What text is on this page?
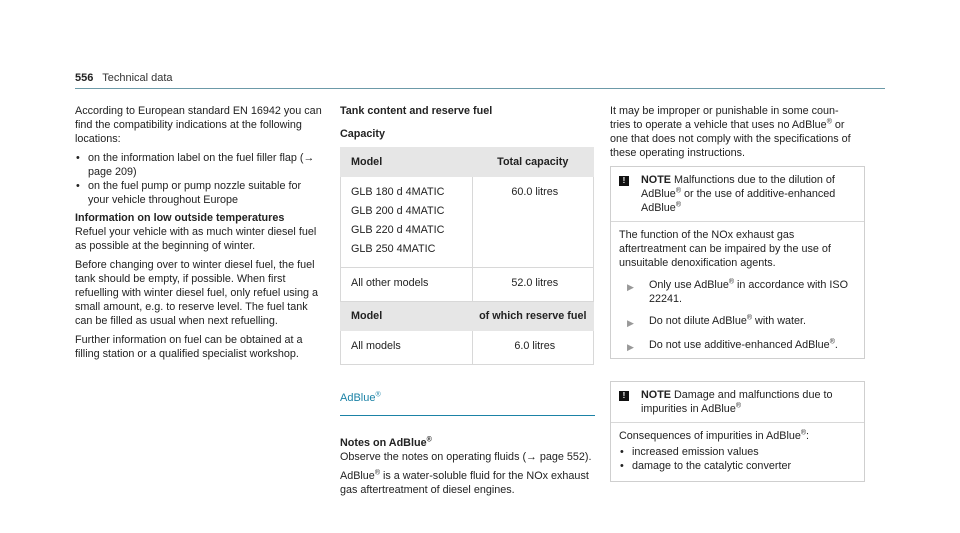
556 Technical data

According to European standard EN 16942 you can find the compatibility indications at the following locations:

• on the information label on the fuel filler flap (→ page 209)
• on the fuel pump or pump nozzle suitable for your vehicle throughout Europe

Information on low outside temperatures

Refuel your vehicle with as much winter diesel fuel as possible at the beginning of winter.

Before changing over to winter diesel fuel, the fuel tank should be empty, if possible. When first refuelling with winter diesel fuel, only refuel using a small amount, e.g. to reserve level. The fuel tank can be filled as usual when next refuelling.

Further information on fuel can be obtained at a filling station or a qualified specialist workshop.

Tank content and reserve fuel

Capacity

Model	Total capacity

GLB 180 d 4MATIC
GLB 200 d 4MATIC
GLB 220 d 4MATIC
GLB 250 4MATIC	60.0 litres
All other models	52.0 litres
Model	of which reserve fuel
All models	6.0 litres
AdBlue®

Notes on AdBlue®

Observe the notes on operating fluids (→ page 552).

AdBlue® is a water-soluble fluid for the NOx exhaust gas aftertreatment of diesel engines.

It may be improper or punishable in some coun-
tries to operate a vehicle that uses no AdBlue® or one that does not comply with the specifications of these operating instructions.

!	NOTE Malfunctions due to the dilution of AdBlue® or the use of additive-enhanced AdBlue®

The function of the NOx exhaust gas aftertreatment can be impaired by the use of unsuitable denoxification agents.

▶	Only use AdBlue® in accordance with ISO 22241.
▶	Do not dilute AdBlue® with water.
▶	Do not use additive-enhanced AdBlue®.
!	NOTE Damage and malfunctions due to impurities in AdBlue®

Consequences of impurities in AdBlue®:

• increased emission values
• damage to the catalytic converter
